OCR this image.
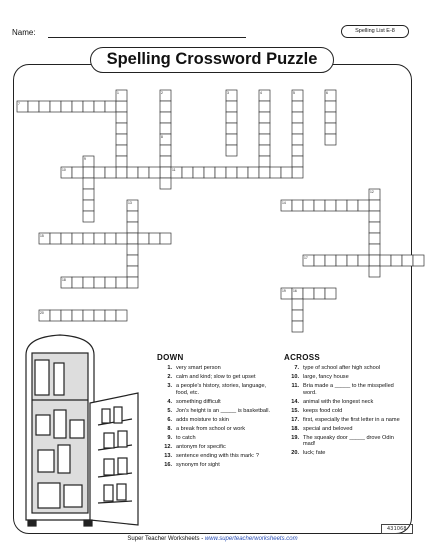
Name:	Spelling List E-8
Spelling Crossword Puzzle
1	2	3	4	5	6
7
8
9
10	11
12
13	14
15
16
17
18
19
20
DOWN
1. very smart person
2. calm and kind; slow to get upset
3. a people's history, stories, language, food, etc.
4. something difficult
5. Jon's height is an _____ is basketball.
6. adds moisture to skin
8. a break from school or work
9. to catch
12. antonym for specific
13. sentence ending with this mark: ?
16. synonym for sight
ACROSS
7. type of school after high school
10. large, fancy house
11. Bria made a _____ to the misspelled word.
14. animal with the longest neck
15. keeps food cold
17. first, especially the first letter in a name
18. special and beloved
19. The squeaky door _____ drove Odin mad!
20. luck; fate
431068
Super Teacher Worksheets - www.superteacherworksheets.com
